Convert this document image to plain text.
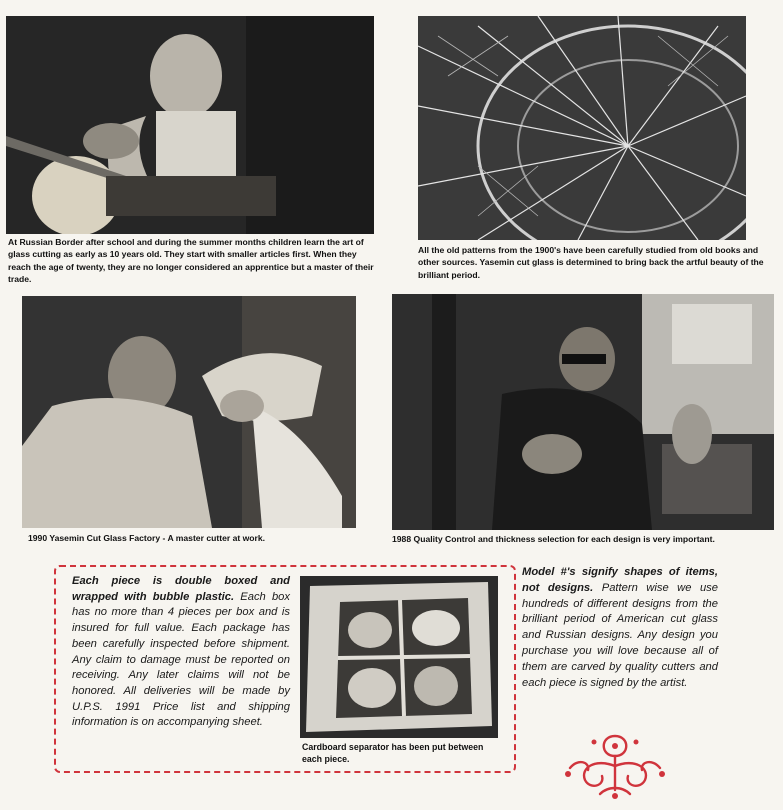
At Russian Border after school and during the summer months children learn the art of glass cutting as early as 10 years old. They start with smaller articles first. When they reach the age of twenty, they are no longer considered an apprentice but a master of their trade.

All the old patterns from the 1900's have been carefully studied from old books and other sources. Yasemin cut glass is determined to bring back the artful beauty of the brilliant period.

1990 Yasemin Cut Glass Factory - A master cutter at work.	1988 Quality Control and thickness selection for each design is very important.

Each piece is double boxed and wrapped with bubble plastic. Each box has no more than 4 pieces per box and is insured for full value. Each package has been carefully inspected before shipment. Any claim to damage must be reported on receiving. Any later claims will not be honored. All deliveries will be made by U.P.S. 1991 Price list and shipping information is on accompanying sheet.

Cardboard separator has been put between each piece.

Model #'s signify shapes of items, not designs. Pattern wise we use hundreds of different designs from the brilliant period of American cut glass and Russian designs. Any design you purchase you will love because all of them are carved by quality cutters and each piece is signed by the artist.
